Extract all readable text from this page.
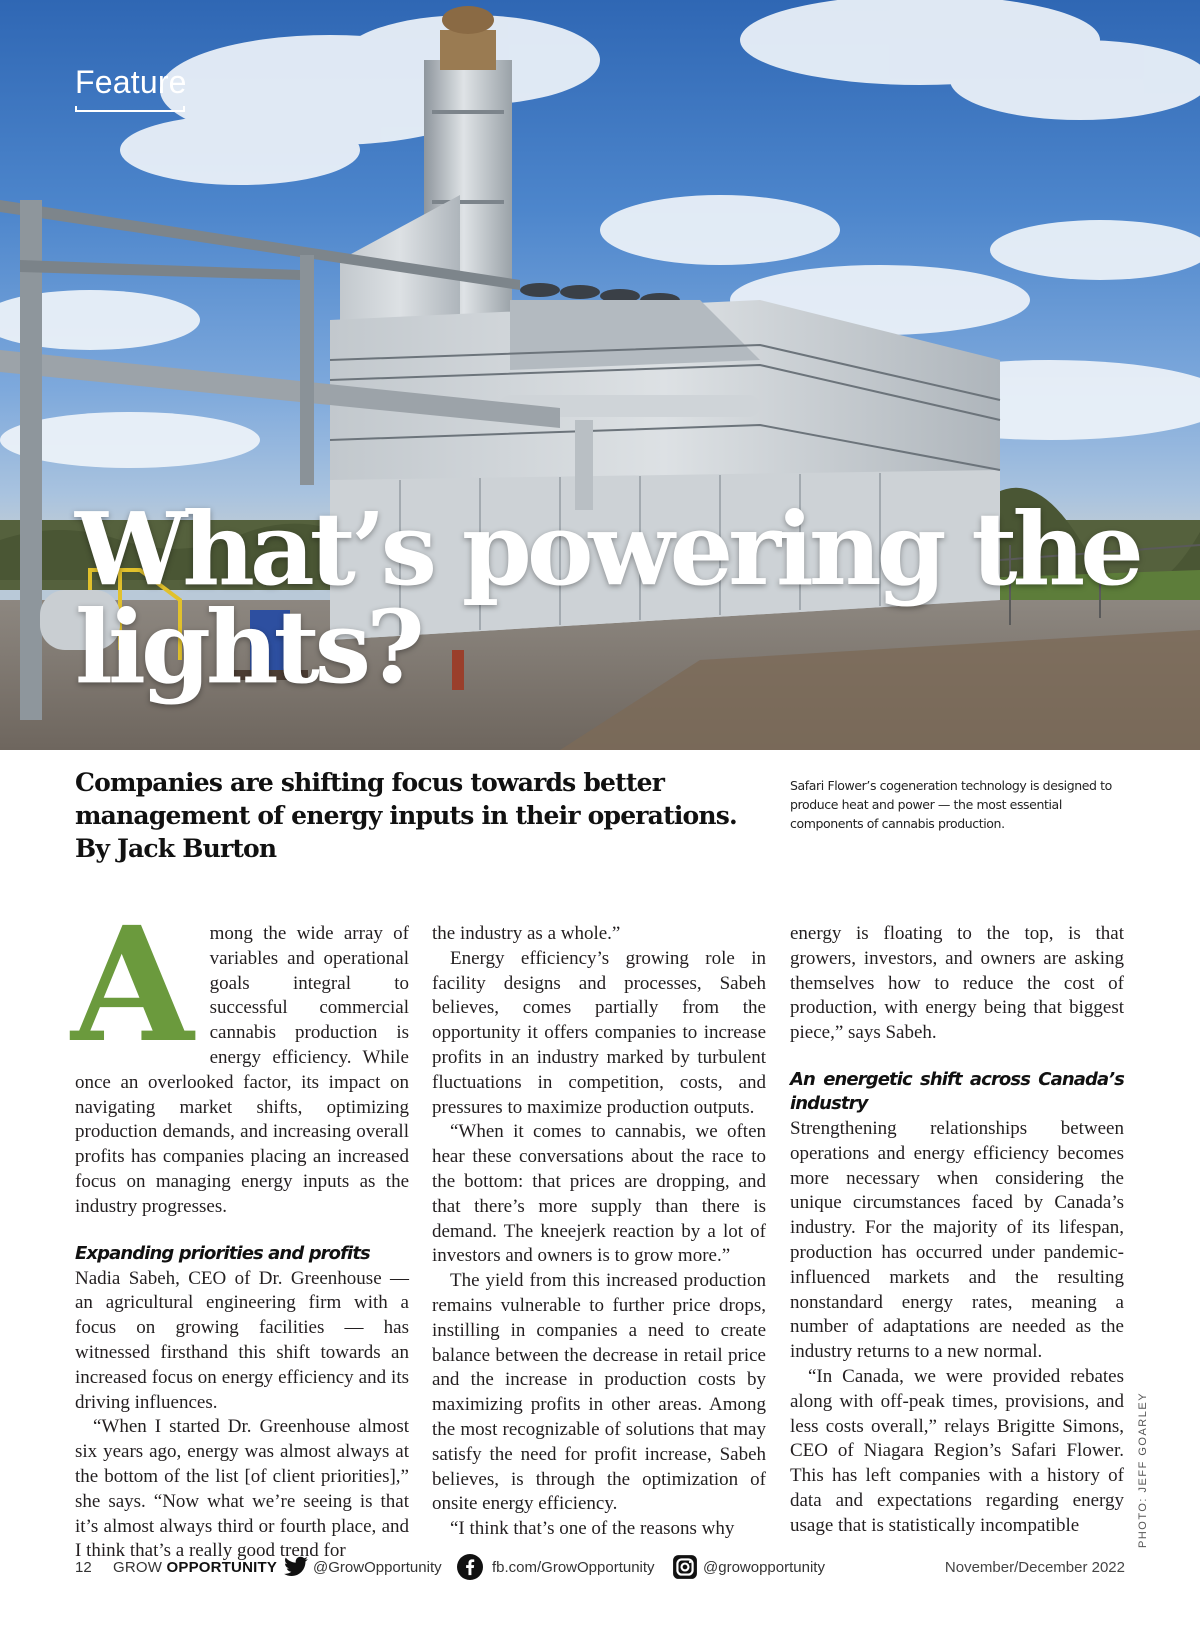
Feature
What’s powering the lights?
Companies are shifting focus towards better management of energy inputs in their operations.
By Jack Burton
Safari Flower’s cogeneration technology is designed to produce heat and power — the most essential components of cannabis production.
A mong the wide array of variables and operational goals integral to successful commercial cannabis production is energy efficiency. While once an overlooked factor, its impact on navigating market shifts, optimizing production demands, and increasing overall profits has companies placing an increased focus on managing energy inputs as the industry progresses.

Expanding priorities and profits

Nadia Sabeh, CEO of Dr. Greenhouse — an agricultural engineering firm with a focus on growing facilities — has witnessed firsthand this shift towards an increased focus on energy efficiency and its driving influences.

“When I started Dr. Greenhouse almost six years ago, energy was almost always at the bottom of the list [of client priorities],” she says. “Now what we’re seeing is that it’s almost always third or fourth place, and I think that’s a really good trend for

the industry as a whole.”

Energy efficiency’s growing role in facility designs and processes, Sabeh believes, comes partially from the opportunity it offers companies to increase profits in an industry marked by turbulent fluctuations in competition, costs, and pressures to maximize production outputs.

“When it comes to cannabis, we often hear these conversations about the race to the bottom: that prices are dropping, and that there’s more supply than there is demand. The kneejerk reaction by a lot of investors and owners is to grow more.”

The yield from this increased production remains vulnerable to further price drops, instilling in companies a need to create balance between the decrease in retail price and the increase in production costs by maximizing profits in other areas. Among the most recognizable of solutions that may satisfy the need for profit increase, Sabeh believes, is through the optimization of onsite energy efficiency.

“I think that’s one of the reasons why

energy is floating to the top, is that growers, investors, and owners are asking themselves how to reduce the cost of production, with energy being that biggest piece,” says Sabeh.

An energetic shift across Canada’s industry

Strengthening relationships between operations and energy efficiency becomes more necessary when considering the unique circumstances faced by Canada’s industry. For the majority of its lifespan, production has occurred under pandemic-influenced markets and the resulting nonstandard energy rates, meaning a number of adaptations are needed as the industry returns to a new normal.

“In Canada, we were provided rebates along with off-peak times, provisions, and less costs overall,” relays Brigitte Simons, CEO of Niagara Region’s Safari Flower. This has left companies with a history of data and expectations regarding energy usage that is statistically incompatible	PHOTO: JEFF GOARLEY
12 GROW OPPORTUNITY @GrowOpportunity	fb.com/GrowOpportunity	@growopportunity	November/December 2022
